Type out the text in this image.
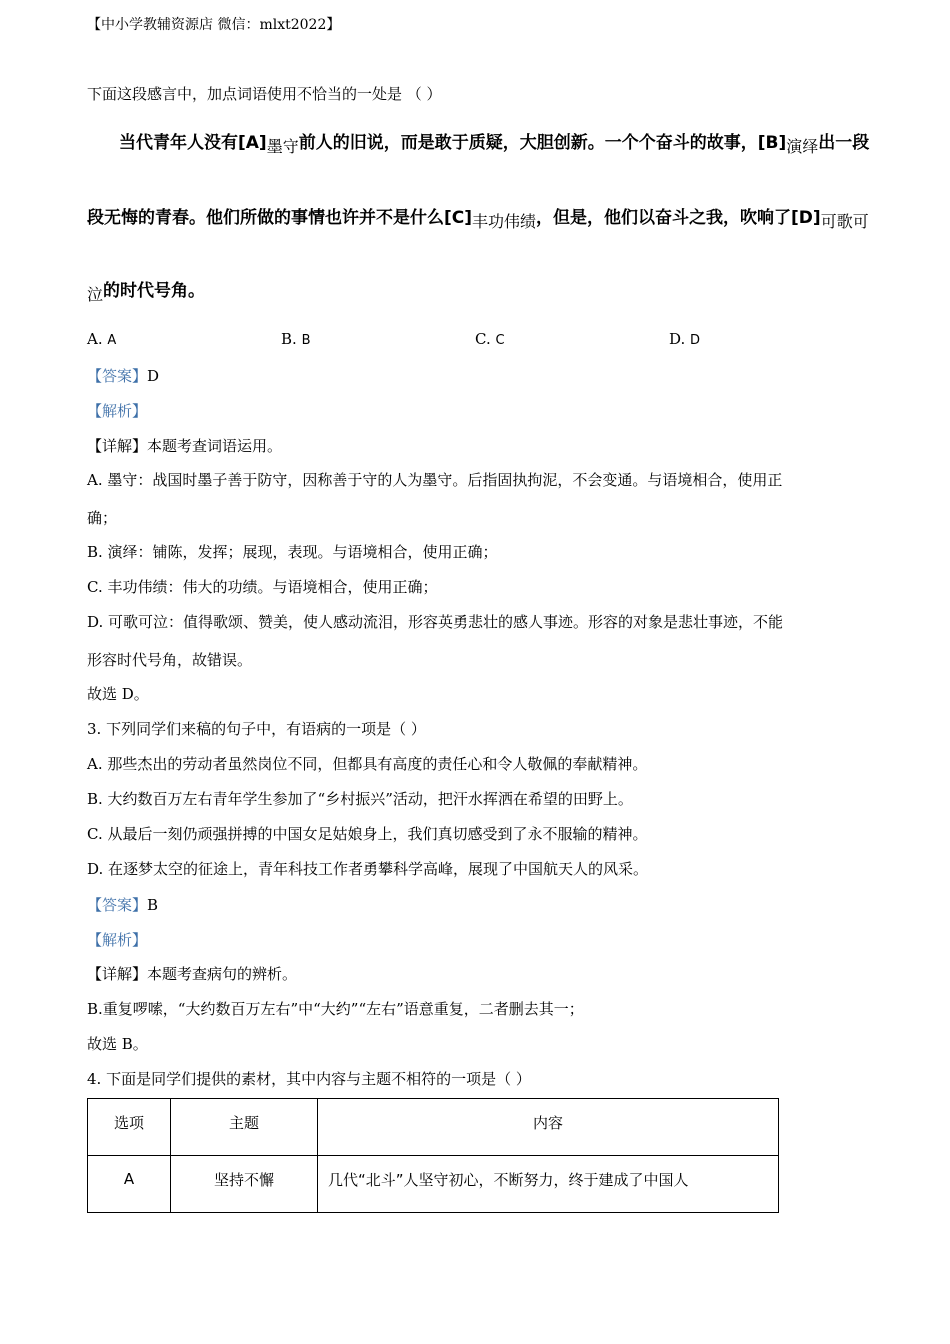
【中小学教辅资源店 微信：mlxt2022】
下面这段感言中，加点词语使用不恰当的一处是 （ ）
当代青年人没有[A]墨守前人的旧说，而是敢于质疑，大胆创新。一个个奋斗的故事，[B]演绎出一段
段无悔的青春。他们所做的事情也许并不是什么[C]丰功伟绩，但是，他们以奋斗之我，吹响了[D]可歌可
泣的时代号角。
A. A	B. B	C. C	D. D
【答案】D
【解析】
【详解】本题考查词语运用。
A. 墨守：战国时墨子善于防守，因称善于守的人为墨守。后指固执拘泥，不会变通。与语境相合，使用正
确；
B. 演绎：铺陈，发挥；展现，表现。与语境相合，使用正确；
C. 丰功伟绩：伟大的功绩。与语境相合，使用正确；
D. 可歌可泣：值得歌颂、赞美，使人感动流泪，形容英勇悲壮的感人事迹。形容的对象是悲壮事迹，不能
形容时代号角，故错误。
故选 D。
3. 下列同学们来稿的句子中，有语病的一项是（ ）
A. 那些杰出的劳动者虽然岗位不同，但都具有高度的责任心和令人敬佩的奉献精神。
B. 大约数百万左右青年学生参加了“乡村振兴”活动，把汗水挥洒在希望的田野上。
C. 从最后一刻仍顽强拼搏的中国女足姑娘身上，我们真切感受到了永不服输的精神。
D. 在逐梦太空的征途上，青年科技工作者勇攀科学高峰，展现了中国航天人的风采。
【答案】B
【解析】
【详解】本题考查病句的辨析。
B.重复啰嗦，“大约数百万左右”中“大约”“左右”语意重复，二者删去其一；
故选 B。
4. 下面是同学们提供的素材，其中内容与主题不相符的一项是（ ）
选项	主题	内容
A	坚持不懈	几代“北斗”人坚守初心，不断努力，终于建成了中国人
